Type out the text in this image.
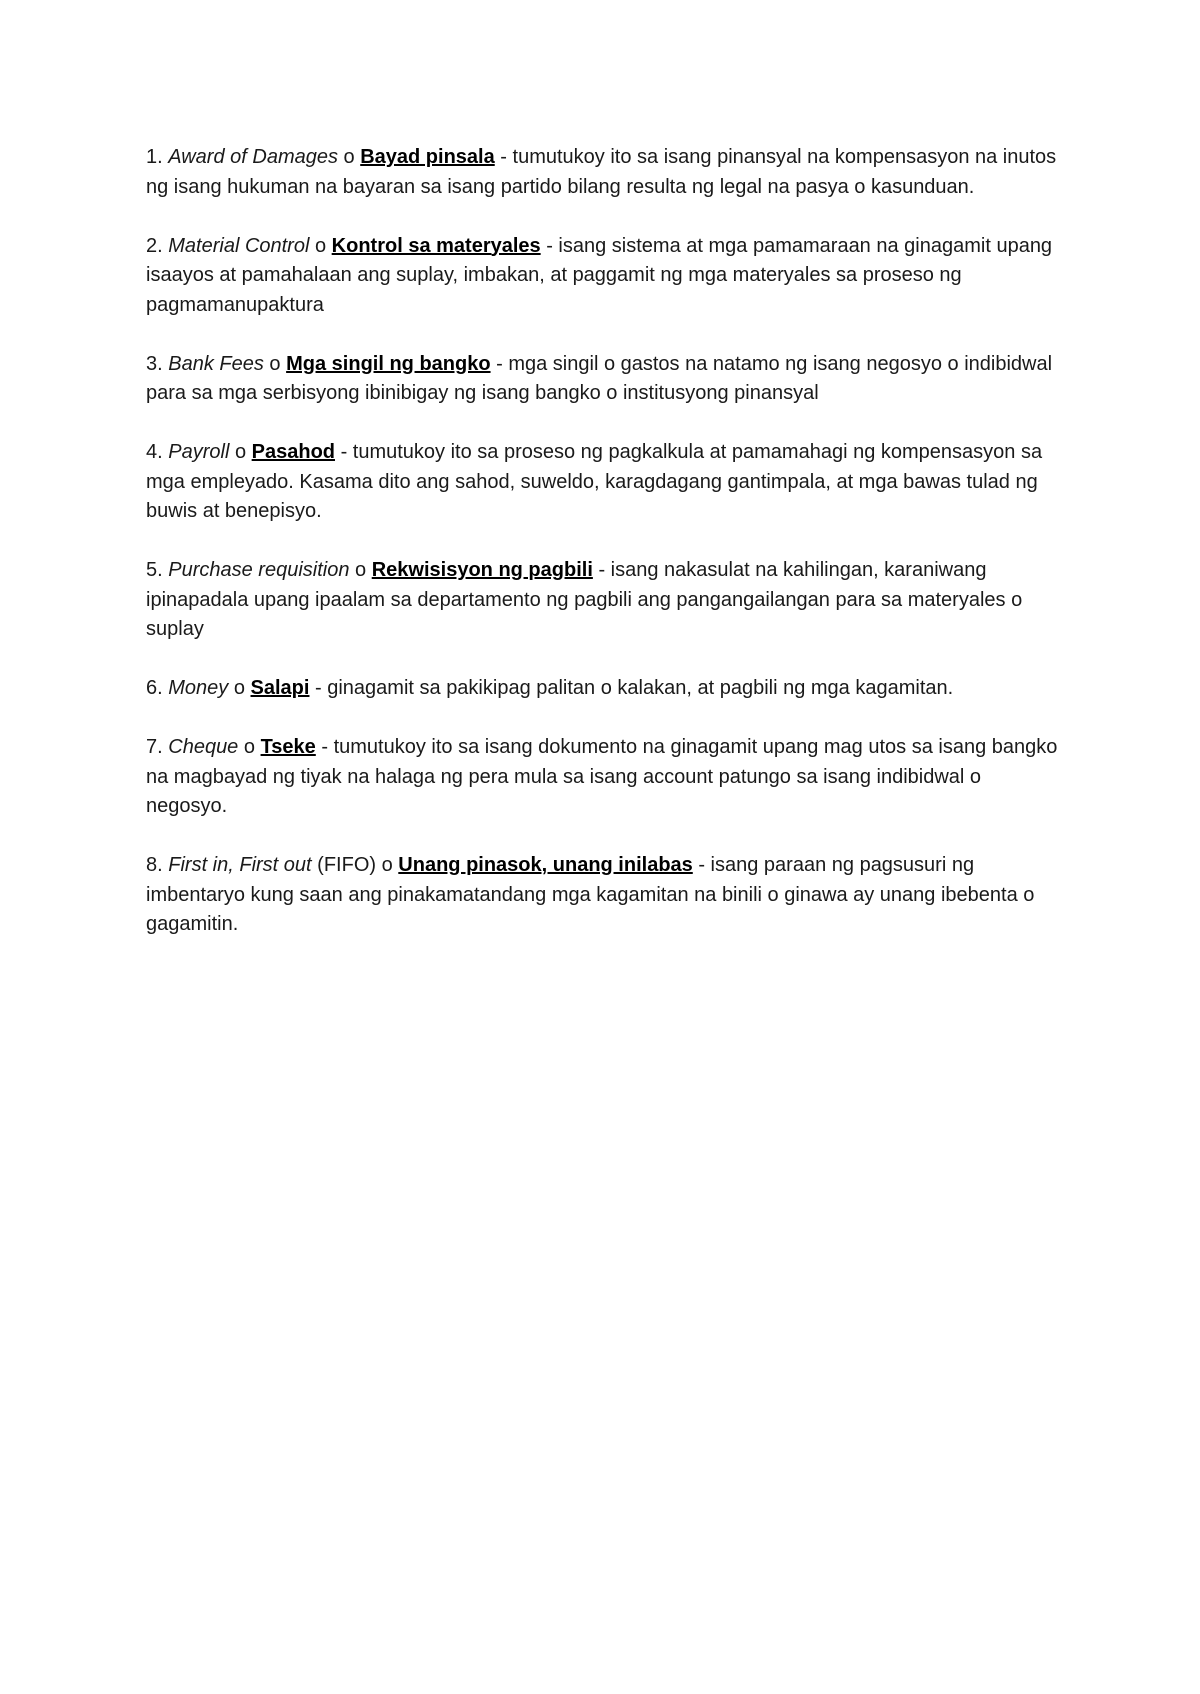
1. Award of Damages o Bayad pinsala - tumutukoy ito sa isang pinansyal na kompensasyon na inutos ng isang hukuman na bayaran sa isang partido bilang resulta ng legal na pasya o kasunduan.

2. Material Control o Kontrol sa materyales - isang sistema at mga pamamaraan na ginagamit upang isaayos at pamahalaan ang suplay, imbakan, at paggamit ng mga materyales sa proseso ng pagmamanupaktura

3. Bank Fees o Mga singil ng bangko - mga singil o gastos na natamo ng isang negosyo o indibidwal para sa mga serbisyong ibinibigay ng isang bangko o institusyong pinansyal

4. Payroll o Pasahod - tumutukoy ito sa proseso ng pagkalkula at pamamahagi ng kompensasyon sa mga empleyado. Kasama dito ang sahod, suweldo, karagdagang gantimpala, at mga bawas tulad ng buwis at benepisyo.

5. Purchase requisition o Rekwisisyon ng pagbili - isang nakasulat na kahilingan, karaniwang ipinapadala upang ipaalam sa departamento ng pagbili ang pangangailangan para sa materyales o suplay

6. Money o Salapi - ginagamit sa pakikipag palitan o kalakan, at pagbili ng mga kagamitan.

7. Cheque o Tseke - tumutukoy ito sa isang dokumento na ginagamit upang mag utos sa isang bangko na magbayad ng tiyak na halaga ng pera mula sa isang account patungo sa isang indibidwal o negosyo.

8. First in, First out (FIFO) o Unang pinasok, unang inilabas - isang paraan ng pagsusuri ng imbentaryo kung saan ang pinakamatandang mga kagamitan na binili o ginawa ay unang ibebenta o gagamitin.
